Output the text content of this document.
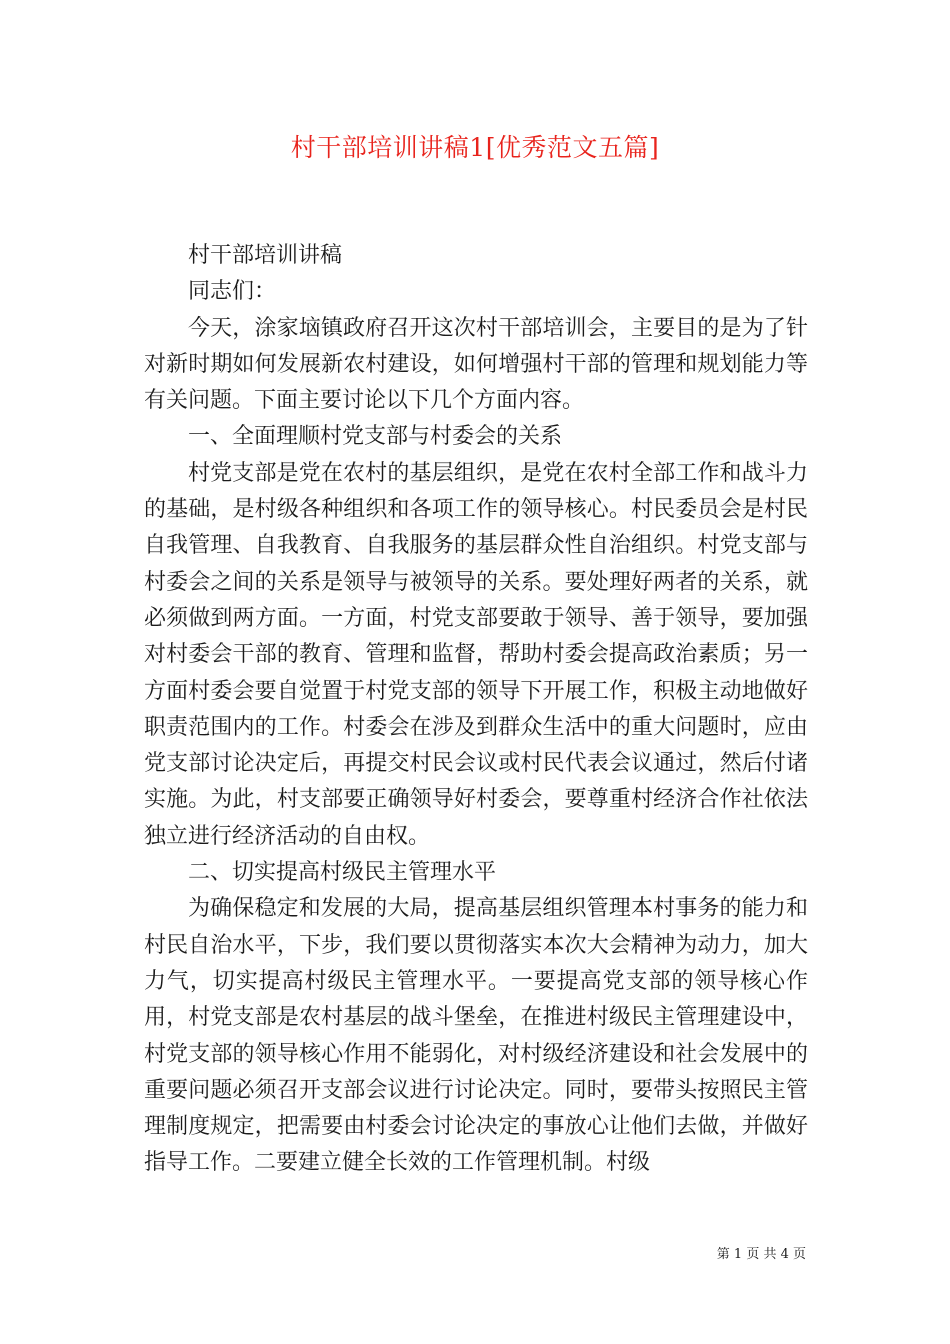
村干部培训讲稿1[优秀范文五篇]

村干部培训讲稿

同志们：

今天，涂家垴镇政府召开这次村干部培训会，主要目的是为了针对新时期如何发展新农村建设，如何增强村干部的管理和规划能力等有关问题。下面主要讨论以下几个方面内容。

一、全面理顺村党支部与村委会的关系

村党支部是党在农村的基层组织，是党在农村全部工作和战斗力的基础，是村级各种组织和各项工作的领导核心。村民委员会是村民自我管理、自我教育、自我服务的基层群众性自治组织。村党支部与村委会之间的关系是领导与被领导的关系。要处理好两者的关系，就必须做到两方面。一方面，村党支部要敢于领导、善于领导，要加强对村委会干部的教育、管理和监督，帮助村委会提高政治素质；另一方面村委会要自觉置于村党支部的领导下开展工作，积极主动地做好职责范围内的工作。村委会在涉及到群众生活中的重大问题时，应由党支部讨论决定后，再提交村民会议或村民代表会议通过，然后付诸实施。为此，村支部要正确领导好村委会，要尊重村经济合作社依法独立进行经济活动的自由权。

二、切实提高村级民主管理水平

为确保稳定和发展的大局，提高基层组织管理本村事务的能力和村民自治水平，下步，我们要以贯彻落实本次大会精神为动力，加大力气，切实提高村级民主管理水平。一要提高党支部的领导核心作用，村党支部是农村基层的战斗堡垒，在推进村级民主管理建设中，村党支部的领导核心作用不能弱化，对村级经济建设和社会发展中的重要问题必须召开支部会议进行讨论决定。同时，要带头按照民主管理制度规定，把需要由村委会讨论决定的事放心让他们去做，并做好指导工作。二要建立健全长效的工作管理机制。村级

第 1 页 共 4 页
